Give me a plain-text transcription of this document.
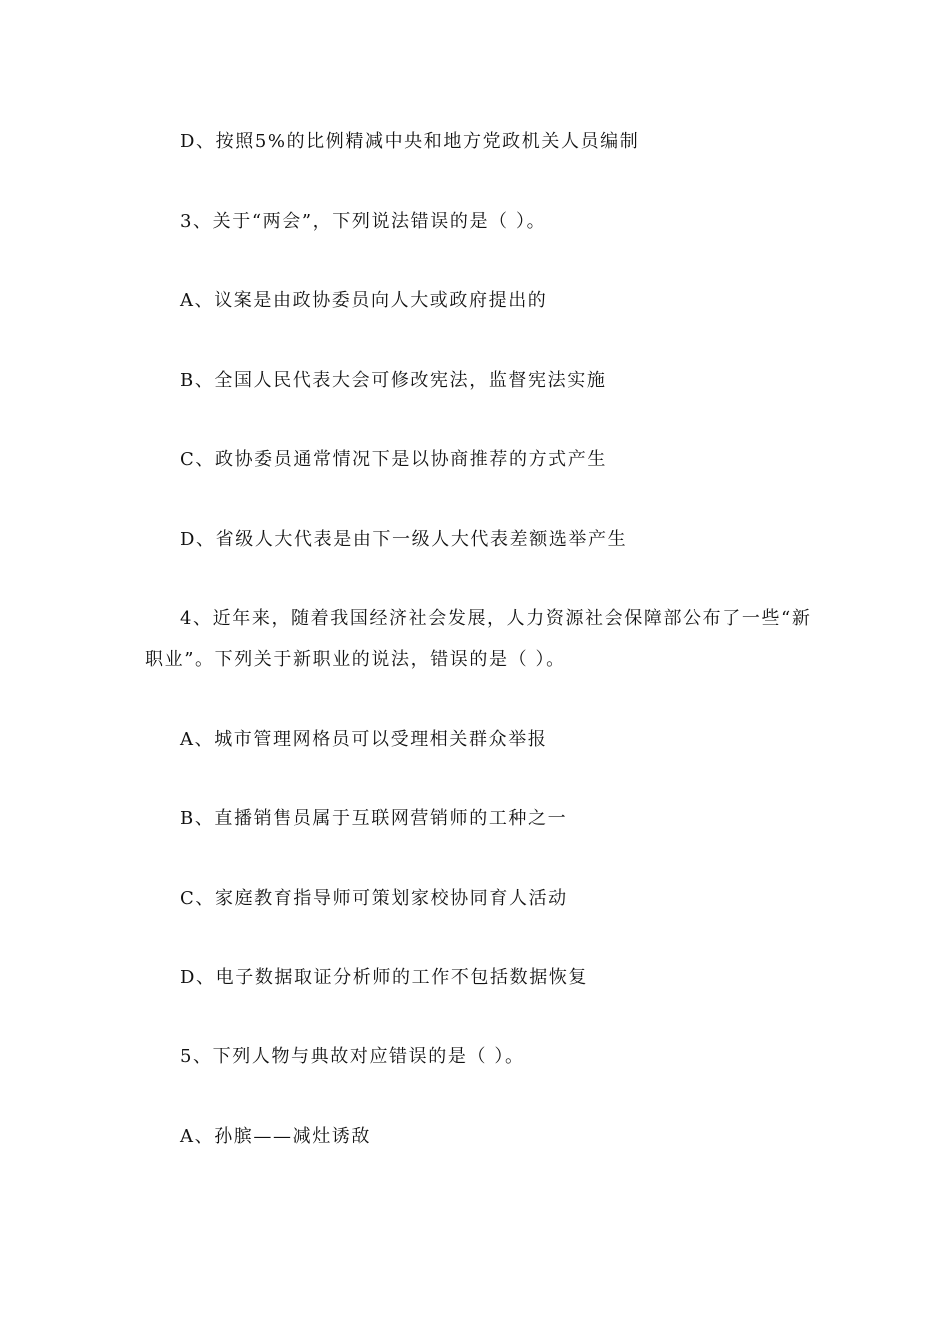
D、按照5%的比例精减中央和地方党政机关人员编制
3、关于“两会”，下列说法错误的是（ ）。
A、议案是由政协委员向人大或政府提出的
B、全国人民代表大会可修改宪法，监督宪法实施
C、政协委员通常情况下是以协商推荐的方式产生
D、省级人大代表是由下一级人大代表差额选举产生
4、近年来，随着我国经济社会发展，人力资源社会保障部公布了一些“新
职业”。下列关于新职业的说法，错误的是（ ）。
A、城市管理网格员可以受理相关群众举报
B、直播销售员属于互联网营销师的工种之一
C、家庭教育指导师可策划家校协同育人活动
D、电子数据取证分析师的工作不包括数据恢复
5、下列人物与典故对应错误的是（ ）。
A、孙膑——减灶诱敌
